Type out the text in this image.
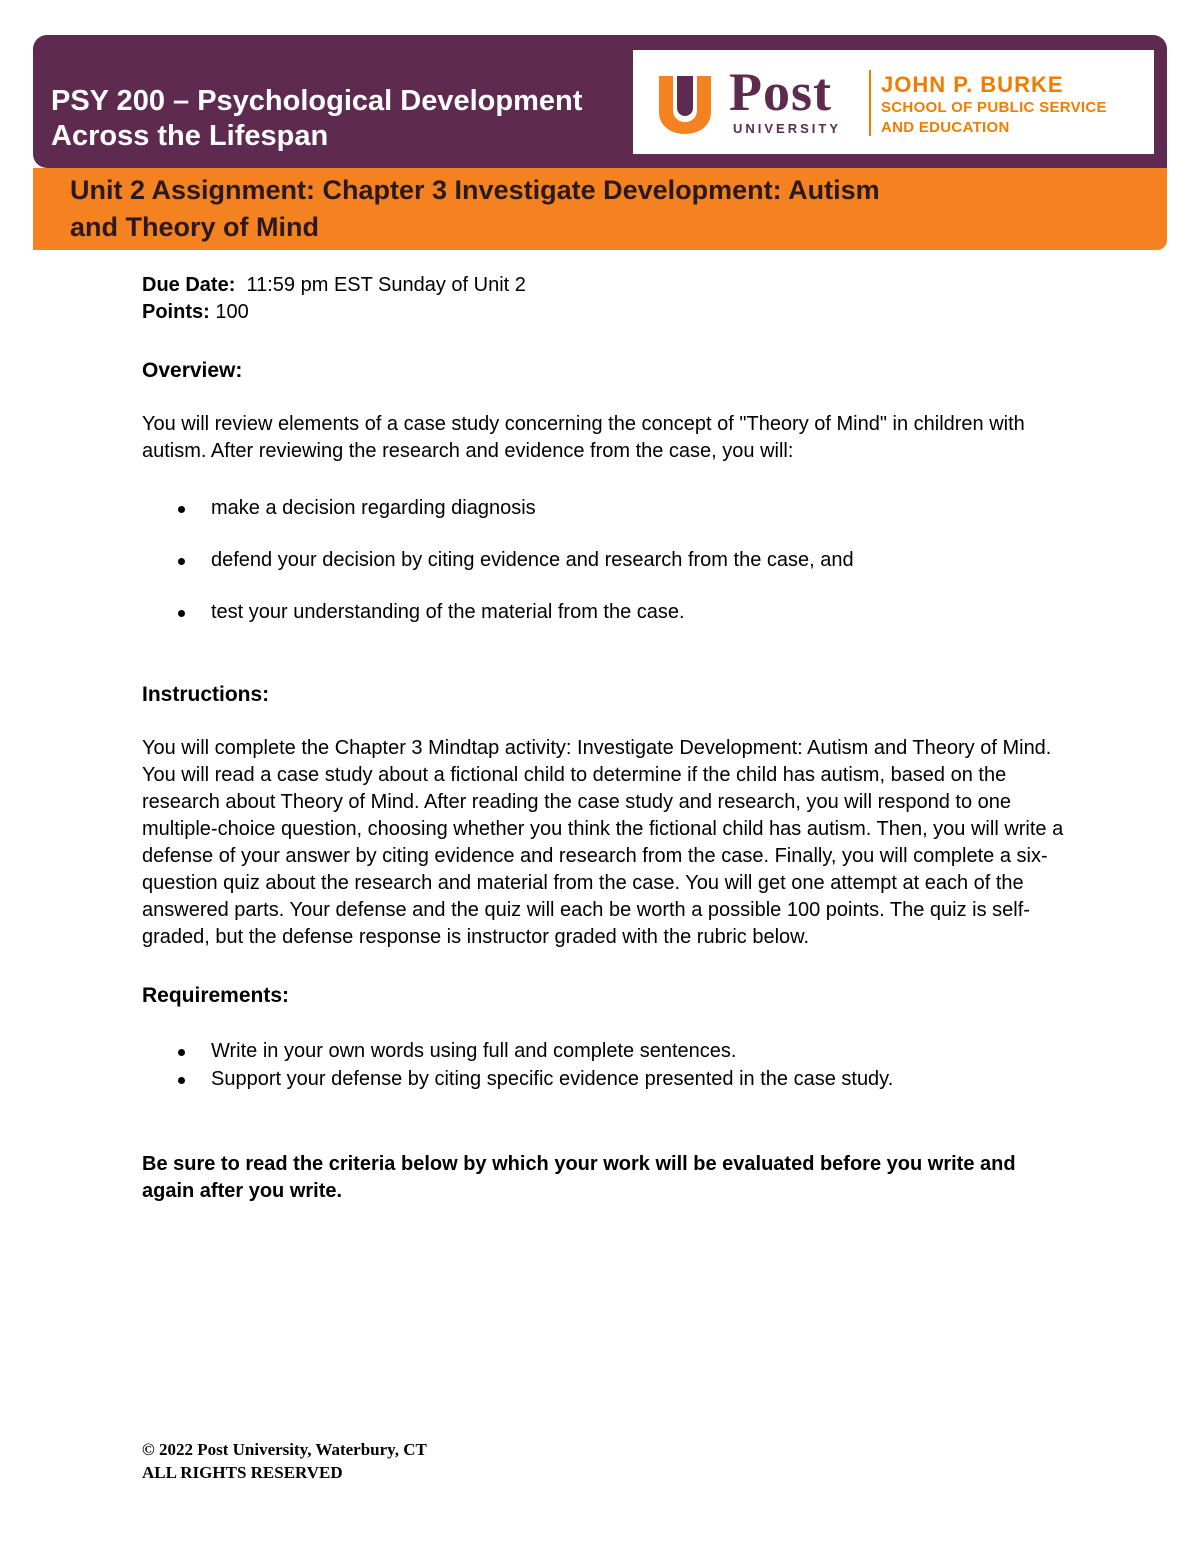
PSY 200 – Psychological Development
Across the Lifespan
Post
UNIVERSITY
JOHN P. BURKE
SCHOOL OF PUBLIC SERVICE
AND EDUCATION
Unit 2 Assignment: Chapter 3 Investigate Development: Autism
and Theory of Mind

Due Date: 11:59 pm EST Sunday of Unit 2

Points: 100

Overview:

You will review elements of a case study concerning the concept of "Theory of Mind" in children with autism. After reviewing the research and evidence from the case, you will:

make a decision regarding diagnosis
defend your decision by citing evidence and research from the case, and
test your understanding of the material from the case.

Instructions:

You will complete the Chapter 3 Mindtap activity: Investigate Development: Autism and Theory of Mind. You will read a case study about a fictional child to determine if the child has autism, based on the research about Theory of Mind. After reading the case study and research, you will respond to one multiple-choice question, choosing whether you think the fictional child has autism. Then, you will write a defense of your answer by citing evidence and research from the case. Finally, you will complete a six-question quiz about the research and material from the case. You will get one attempt at each of the answered parts. Your defense and the quiz will each be worth a possible 100 points. The quiz is self-graded, but the defense response is instructor graded with the rubric below.

Requirements:

Write in your own words using full and complete sentences.
Support your defense by citing specific evidence presented in the case study.

Be sure to read the criteria below by which your work will be evaluated before you write and again after you write.

© 2022 Post University, Waterbury, CT
ALL RIGHTS RESERVED
